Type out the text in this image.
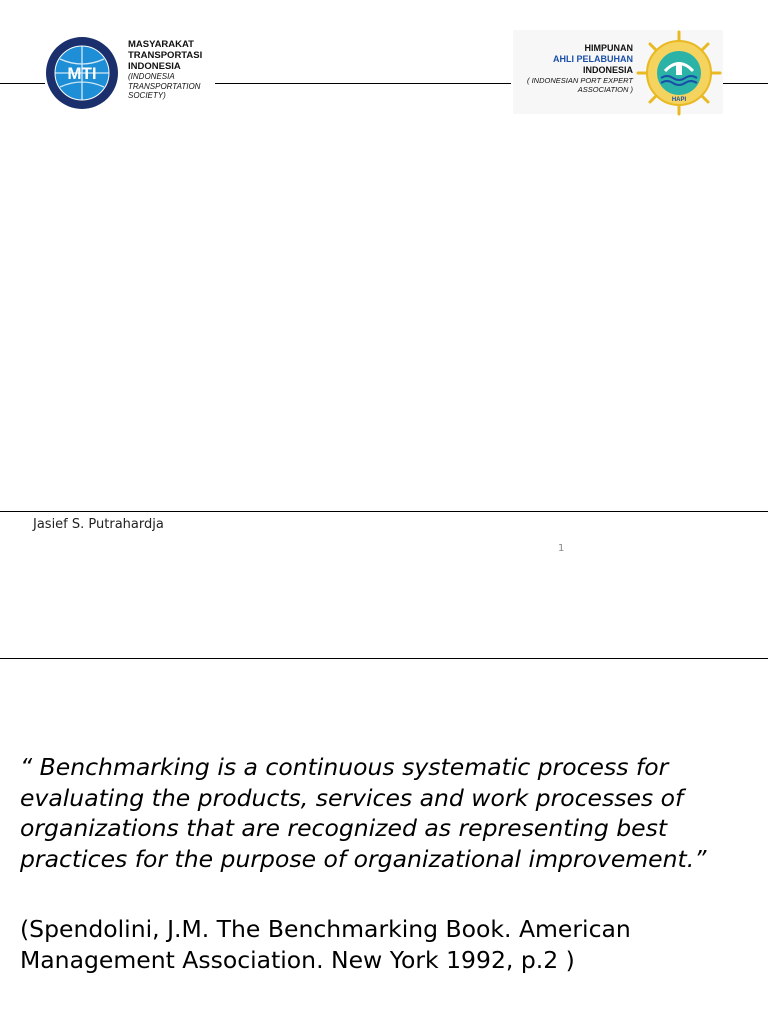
MTI
MASYARAKAT
TRANSPORTASI
INDONESIA
(INDONESIA
TRANSPORTATION
SOCIETY)
HIMPUNAN

AHLI PELABUHAN
INDONESIA
( INDONESIAN PORT EXPERT
ASSOCIATION )
HAPI
Jasief S. Putrahardja
1
“ Benchmarking is a continuous systematic process for evaluating the products, services and work processes of organizations that are recognized as representing best practices for the purpose of organizational improvement.”
(Spendolini, J.M. The Benchmarking Book. American Management Association. New York 1992, p.2 )
